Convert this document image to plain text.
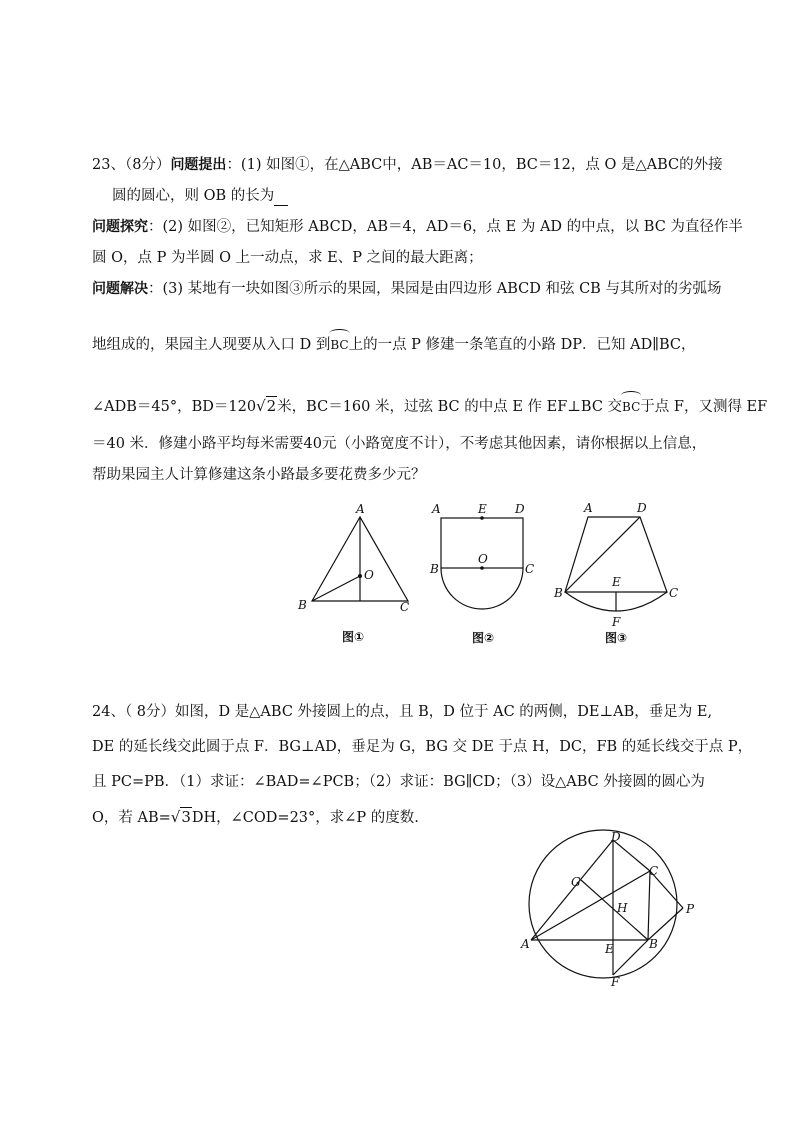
23、（8分）问题提出：(1) 如图①，在△ABC中，AB＝AC＝10，BC＝12，点 O 是△ABC的外接
圆的圆心，则 OB 的长为
问题探究：(2) 如图②，已知矩形 ABCD，AB＝4，AD＝6，点 E 为 AD 的中点，以 BC 为直径作半
圆 O，点 P 为半圆 O 上一动点，求 E、P 之间的最大距离；
问题解决：(3) 某地有一块如图③所示的果园，果园是由四边形 ABCD 和弦 CB 与其所对的劣弧场
地组成的，果园主人现要从入口 D 到BC上的一点 P 修建一条笔直的小路 DP．已知 AD∥BC，
∠ADB＝45°，BD＝120√2米，BC＝160 米，过弦 BC 的中点 E 作 EF⊥BC 交BC于点 F，又测得 EF
＝40 米．修建小路平均每米需要40元（小路宽度不计），不考虑其他因素，请你根据以上信息，
帮助果园主人计算修建这条小路最多要花费多少元？
A
B	C
O
图①
A	E D
O
B	C
图②
A	D
B
E
C
F
图③
24、（ 8分）如图，D 是△ABC 外接圆上的点，且 B，D 位于 AC 的两侧，DE⊥AB，垂足为 E,
DE 的延长线交此圆于点 F．BG⊥AD，垂足为 G，BG 交 DE 于点 H，DC，FB 的延长线交于点 P，
且 PC=PB．（1）求证：∠BAD=∠PCB；（2）求证：BG∥CD；（3）设△ABC 外接圆的圆心为
O，若 AB=√3DH，∠COD=23°，求∠P 的度数.
D
C
G
H	P
A	E	B
F
